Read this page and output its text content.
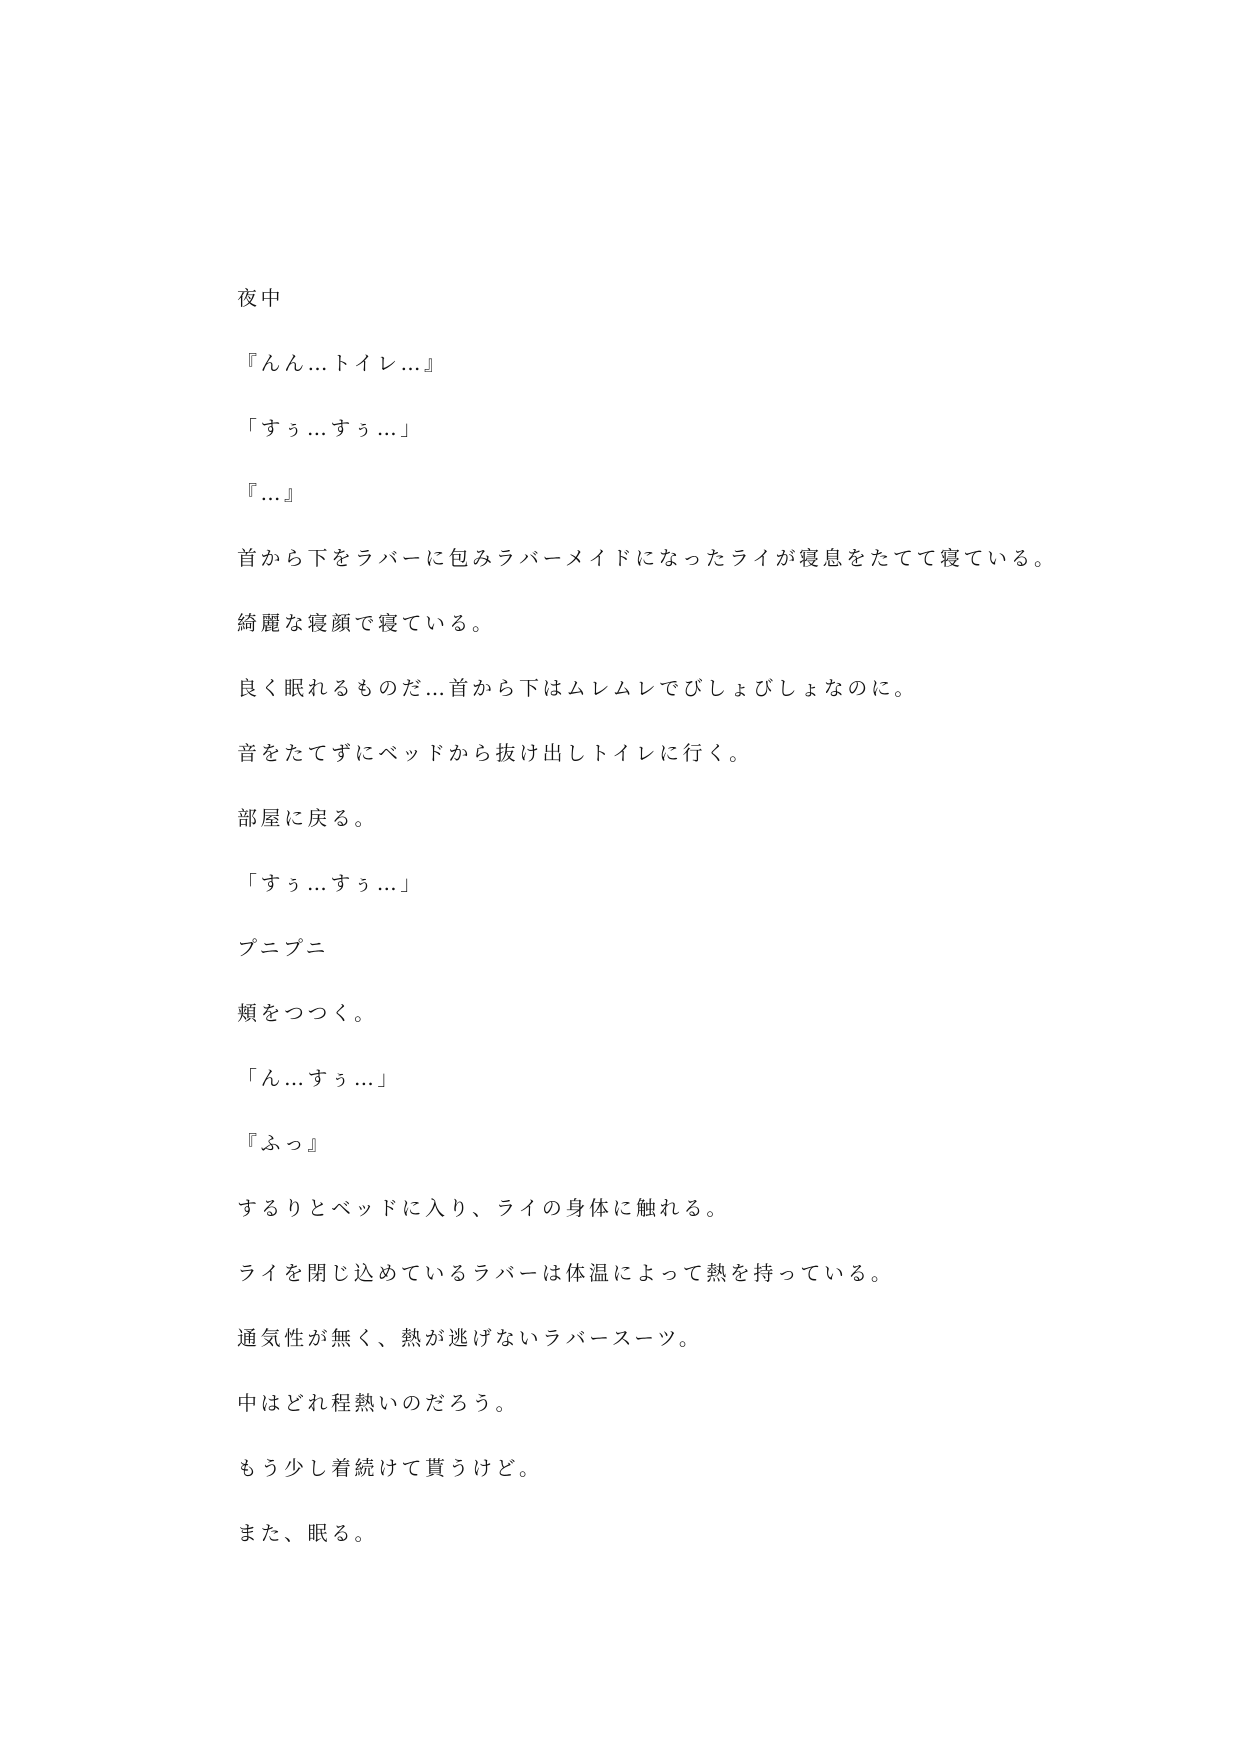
夜中
『んん…トイレ…』
「すぅ…すぅ…」
『…』
首から下をラバーに包みラバーメイドになったライが寝息をたてて寝ている。
綺麗な寝顔で寝ている。
良く眠れるものだ…首から下はムレムレでびしょびしょなのに。
音をたてずにベッドから抜け出しトイレに行く。
部屋に戻る。
「すぅ…すぅ…」
プニプニ
頬をつつく。
「ん…すぅ…」
『ふっ』
するりとベッドに入り、ライの身体に触れる。
ライを閉じ込めているラバーは体温によって熱を持っている。
通気性が無く、熱が逃げないラバースーツ。
中はどれ程熱いのだろう。
もう少し着続けて貰うけど。
また、眠る。
